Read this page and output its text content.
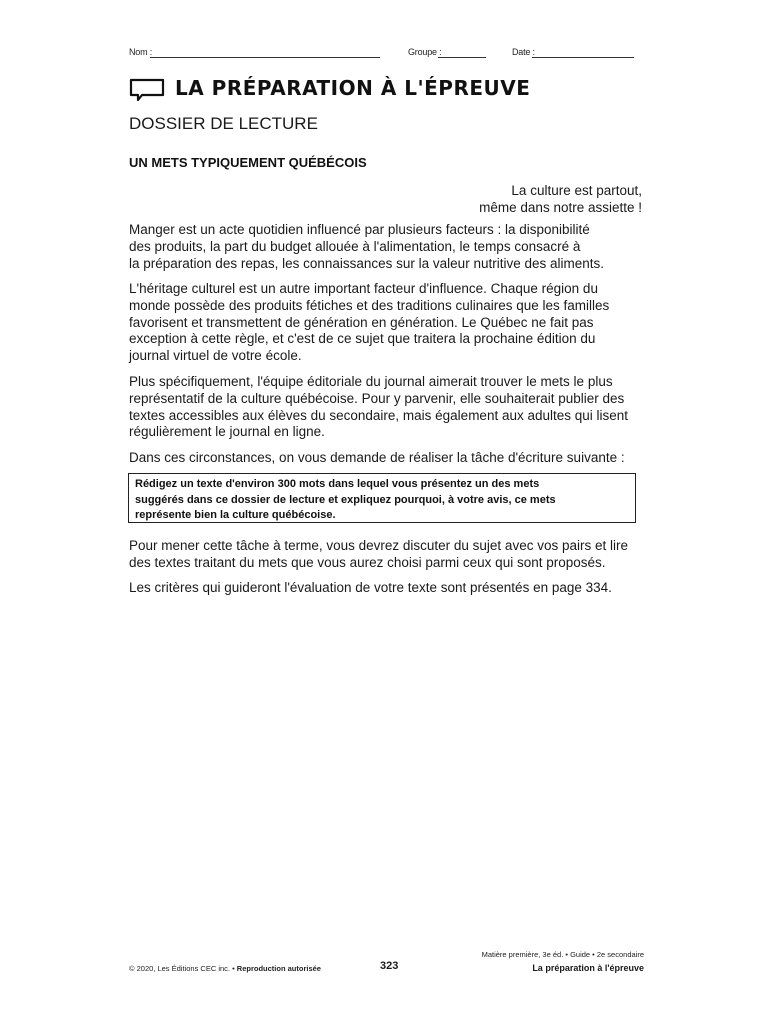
Nom :	Groupe :	Date :
LA PRÉPARATION À L'ÉPREUVE
DOSSIER DE LECTURE
UN METS TYPIQUEMENT QUÉBÉCOIS
La culture est partout,
même dans notre assiette !
Manger est un acte quotidien influencé par plusieurs facteurs : la disponibilité
des produits, la part du budget allouée à l'alimentation, le temps consacré à
la préparation des repas, les connaissances sur la valeur nutritive des aliments.
L'héritage culturel est un autre important facteur d'influence. Chaque région du
monde possède des produits fétiches et des traditions culinaires que les familles
favorisent et transmettent de génération en génération. Le Québec ne fait pas
exception à cette règle, et c'est de ce sujet que traitera la prochaine édition du
journal virtuel de votre école.
Plus spécifiquement, l'équipe éditoriale du journal aimerait trouver le mets le plus
représentatif de la culture québécoise. Pour y parvenir, elle souhaiterait publier des
textes accessibles aux élèves du secondaire, mais également aux adultes qui lisent
régulièrement le journal en ligne.
Dans ces circonstances, on vous demande de réaliser la tâche d'écriture suivante :
Rédigez un texte d'environ 300 mots dans lequel vous présentez un des mets
suggérés dans ce dossier de lecture et expliquez pourquoi, à votre avis, ce mets
représente bien la culture québécoise.
Pour mener cette tâche à terme, vous devrez discuter du sujet avec vos pairs et lire
des textes traitant du mets que vous aurez choisi parmi ceux qui sont proposés.
Les critères qui guideront l'évaluation de votre texte sont présentés en page 334.
© 2020, Les Éditions CEC inc. • Reproduction autorisée	323
Matière première, 3e éd. • Guide • 2e secondaire
La préparation à l'épreuve
